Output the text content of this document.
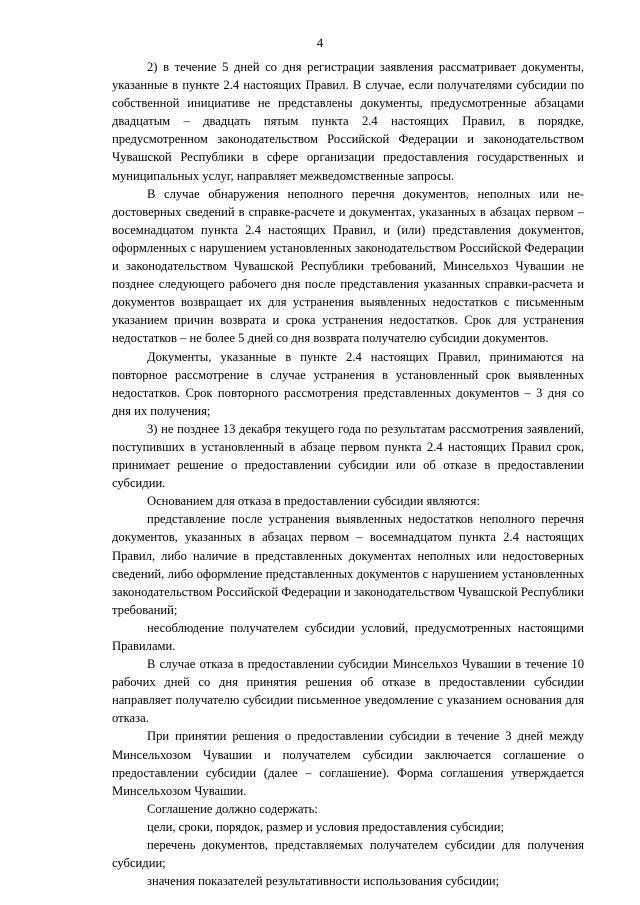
4

2) в течение 5 дней со дня регистрации заявления рассматривает документы, указанные в пункте 2.4 настоящих Правил. В случае, если получателями субсидии по собственной инициативе не представлены документы, предусмотренные абзацами двадцатым – двадцать пятым пункта 2.4 настоящих Правил, в порядке, предусмотренном законодательством Российской Федерации и законодательством Чувашской Республики в сфере организации предоставления государственных и муниципальных услуг, направляет межведомственные запросы.

В случае обнаружения неполного перечня документов, неполных или недостоверных сведений в справке-расчете и документах, указанных в абзацах первом – восемнадцатом пункта 2.4 настоящих Правил, и (или) представления документов, оформленных с нарушением установленных законодательством Российской Федерации и законодательством Чувашской Республики требований, Минсельхоз Чувашии не позднее следующего рабочего дня после представления указанных справки-расчета и документов возвращает их для устранения выявленных недостатков с письменным указанием причин возврата и срока устранения недостатков. Срок для устранения недостатков – не более 5 дней со дня возврата получателю субсидии документов.

Документы, указанные в пункте 2.4 настоящих Правил, принимаются на повторное рассмотрение в случае устранения в установленный срок выявленных недостатков. Срок повторного рассмотрения представленных документов – 3 дня со дня их получения;

3) не позднее 13 декабря текущего года по результатам рассмотрения заявлений, поступивших в установленный в абзаце первом пункта 2.4 настоящих Правил срок, принимает решение о предоставлении субсидии или об отказе в предоставлении субсидии.

Основанием для отказа в предоставлении субсидии являются:

представление после устранения выявленных недостатков неполного перечня документов, указанных в абзацах первом – восемнадцатом пункта 2.4 настоящих Правил, либо наличие в представленных документах неполных или недостоверных сведений, либо оформление представленных документов с нарушением установленных законодательством Российской Федерации и законодательством Чувашской Республики требований;

несоблюдение получателем субсидии условий, предусмотренных настоящими Правилами.

В случае отказа в предоставлении субсидии Минсельхоз Чувашии в течение 10 рабочих дней со дня принятия решения об отказе в предоставлении субсидии направляет получателю субсидии письменное уведомление с указанием основания для отказа.

При принятии решения о предоставлении субсидии в течение 3 дней между Минсельхозом Чувашии и получателем субсидии заключается соглашение о предоставлении субсидии (далее – соглашение). Форма соглашения утверждается Минсельхозом Чувашии.

Соглашение должно содержать:

цели, сроки, порядок, размер и условия предоставления субсидии;

перечень документов, представляемых получателем субсидии для получения субсидии;

значения показателей результативности использования субсидии;
